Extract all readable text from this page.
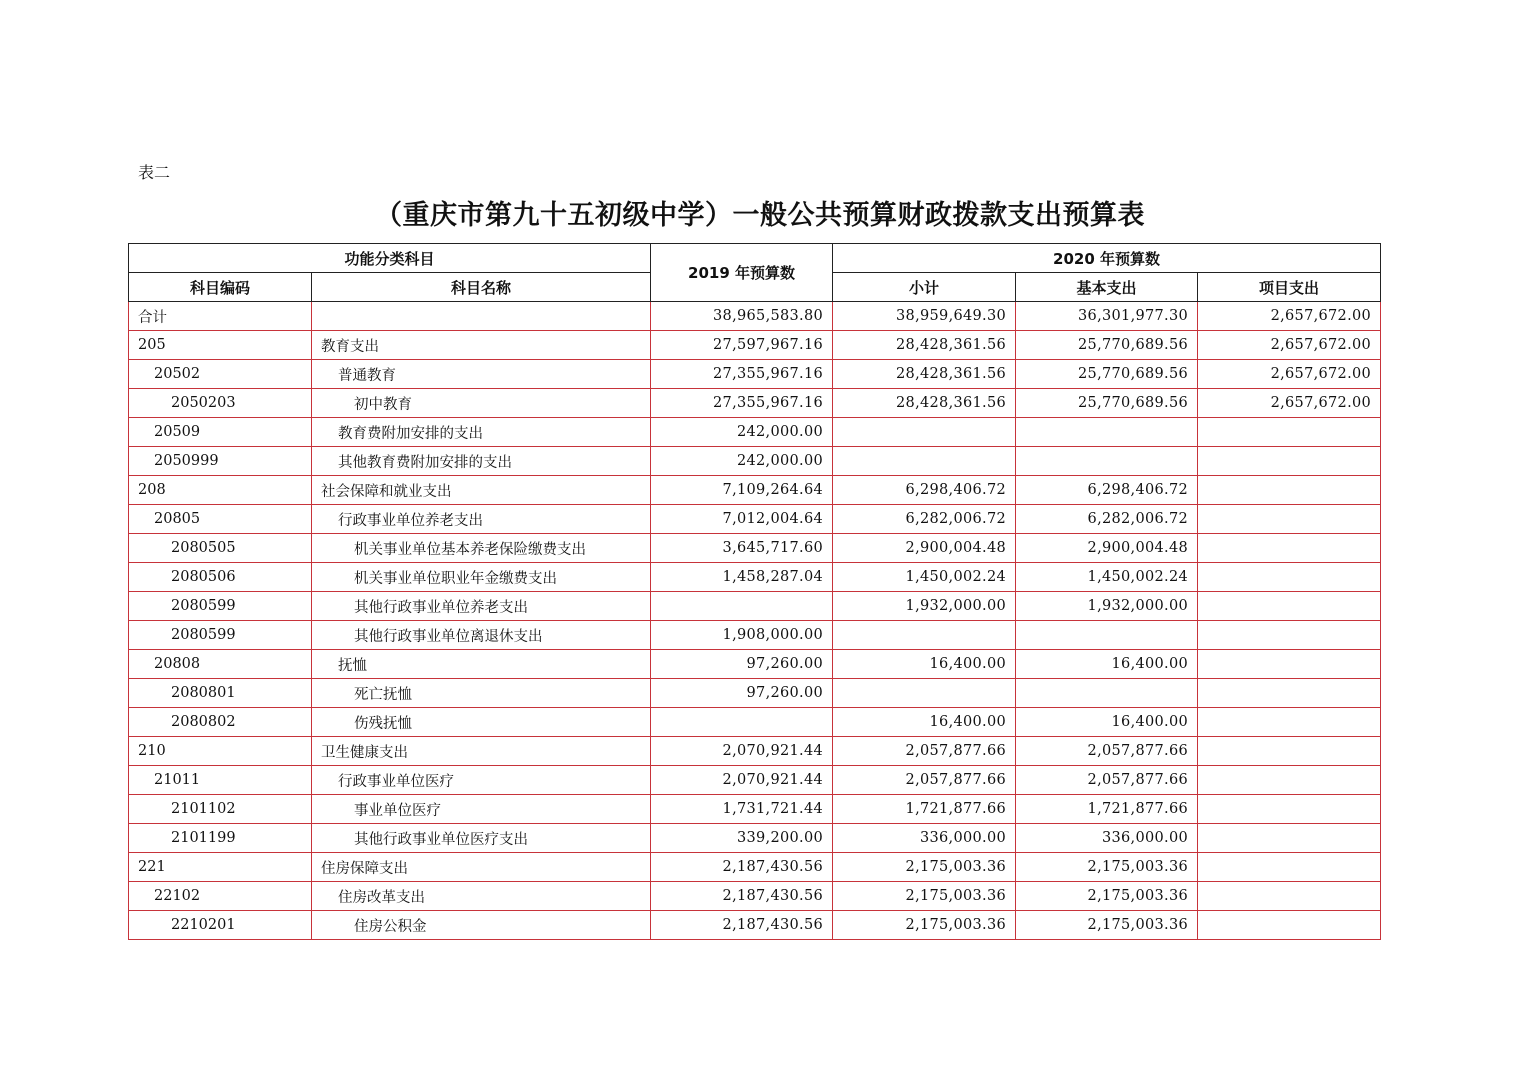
表二
（重庆市第九十五初级中学）一般公共预算财政拨款支出预算表
功能分类科目		2019 年预算数	2020 年预算数		
科目编码	科目名称		小计	基本支出	项目支出
合计		38,965,583.80	38,959,649.30	36,301,977.30	2,657,672.00
205	教育支出	27,597,967.16	28,428,361.56	25,770,689.56	2,657,672.00
20502	普通教育	27,355,967.16	28,428,361.56	25,770,689.56	2,657,672.00
2050203	初中教育	27,355,967.16	28,428,361.56	25,770,689.56	2,657,672.00
20509	教育费附加安排的支出	242,000.00			
2050999	其他教育费附加安排的支出	242,000.00			
208	社会保障和就业支出	7,109,264.64	6,298,406.72	6,298,406.72	
20805	行政事业单位养老支出	7,012,004.64	6,282,006.72	6,282,006.72	
2080505	机关事业单位基本养老保险缴费支出	3,645,717.60	2,900,004.48	2,900,004.48	
2080506	机关事业单位职业年金缴费支出	1,458,287.04	1,450,002.24	1,450,002.24	
2080599	其他行政事业单位养老支出		1,932,000.00	1,932,000.00	
2080599	其他行政事业单位离退休支出	1,908,000.00			
20808	抚恤	97,260.00	16,400.00	16,400.00	
2080801	死亡抚恤	97,260.00			
2080802	伤残抚恤		16,400.00	16,400.00	
210	卫生健康支出	2,070,921.44	2,057,877.66	2,057,877.66	
21011	行政事业单位医疗	2,070,921.44	2,057,877.66	2,057,877.66	
2101102	事业单位医疗	1,731,721.44	1,721,877.66	1,721,877.66	
2101199	其他行政事业单位医疗支出	339,200.00	336,000.00	336,000.00	
221	住房保障支出	2,187,430.56	2,175,003.36	2,175,003.36	
22102	住房改革支出	2,187,430.56	2,175,003.36	2,175,003.36	
2210201	住房公积金	2,187,430.56	2,175,003.36	2,175,003.36	
